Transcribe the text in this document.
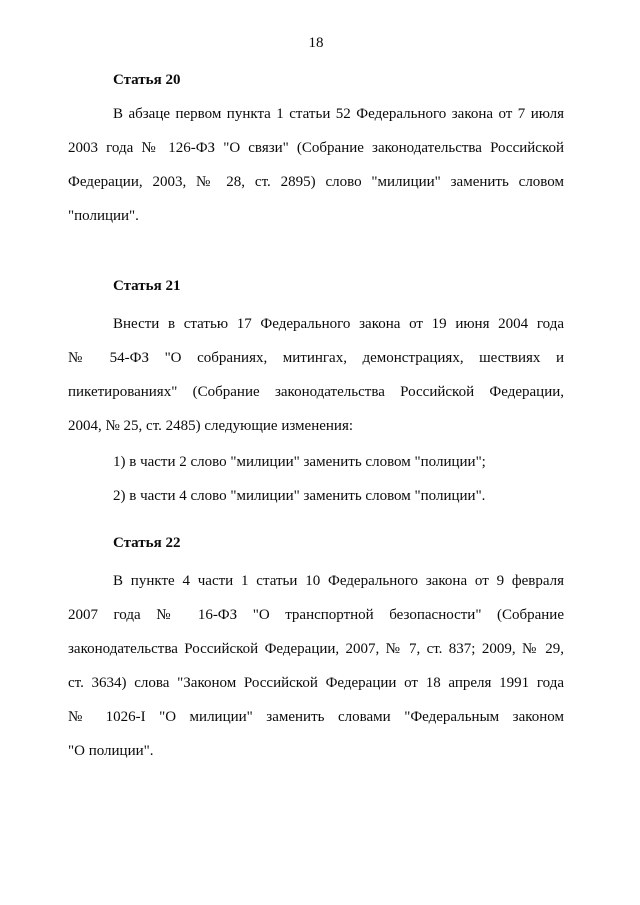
18
Статья 20
В абзаце первом пункта 1 статьи 52 Федерального закона от 7 июля
2003 года № 126-ФЗ "О связи" (Собрание законодательства Российской
Федерации, 2003, № 28, ст. 2895) слово "милиции" заменить словом
"полиции".
Статья 21
Внести в статью 17 Федерального закона от 19 июня 2004 года
№ 54-ФЗ "О собраниях, митингах, демонстрациях, шествиях и
пикетированиях" (Собрание законодательства Российской Федерации,
2004, № 25, ст. 2485) следующие изменения:
1) в части 2 слово "милиции" заменить словом "полиции";
2) в части 4 слово "милиции" заменить словом "полиции".
Статья 22
В пункте 4 части 1 статьи 10 Федерального закона от 9 февраля
2007 года № 16-ФЗ "О транспортной безопасности" (Собрание
законодательства Российской Федерации, 2007, № 7, ст. 837; 2009, № 29,
ст. 3634) слова "Законом Российской Федерации от 18 апреля 1991 года
№ 1026-I "О милиции" заменить словами "Федеральным законом
"О полиции".
